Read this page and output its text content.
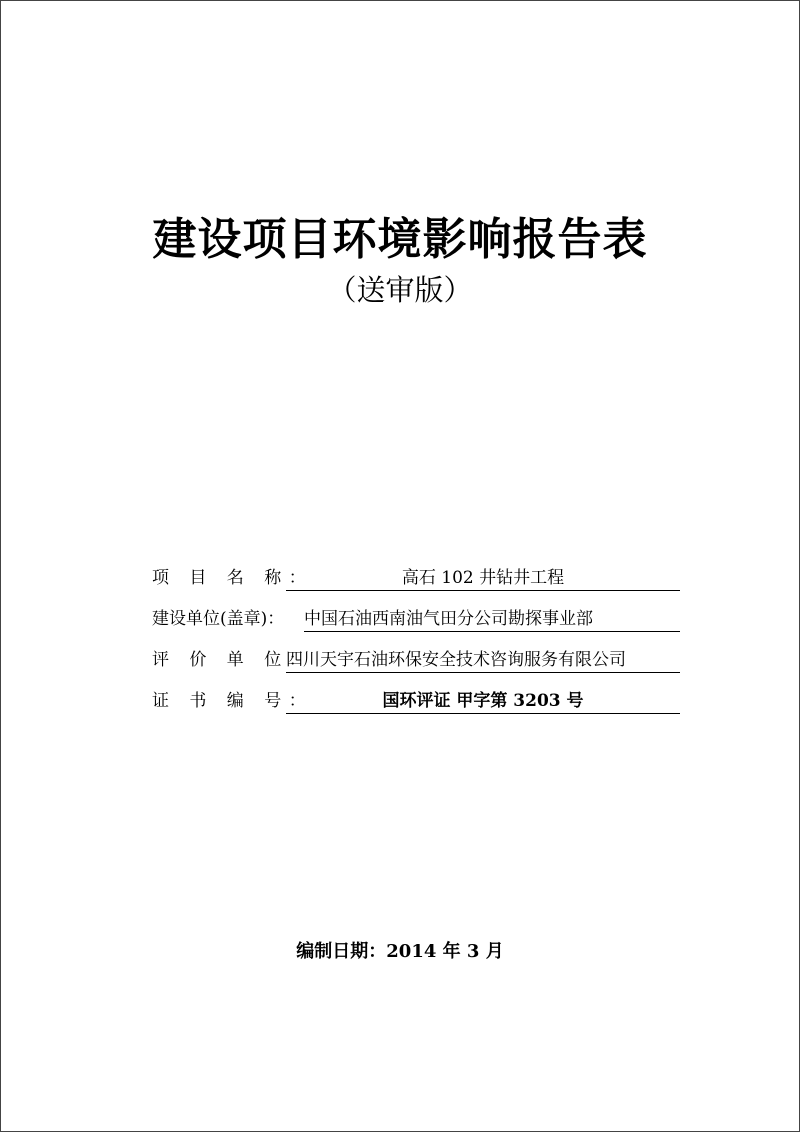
建设项目环境影响报告表
（送审版）
项 目 名 称：	高石 102 井钻井工程
建设单位(盖章)： 中国石油西南油气田分公司勘探事业部
评 价 单 位：
四川天宇石油环保安全技术咨询服务有限公司
证 书 编 号：	国环评证 甲字第 3203 号
编制日期：2014 年 3 月
